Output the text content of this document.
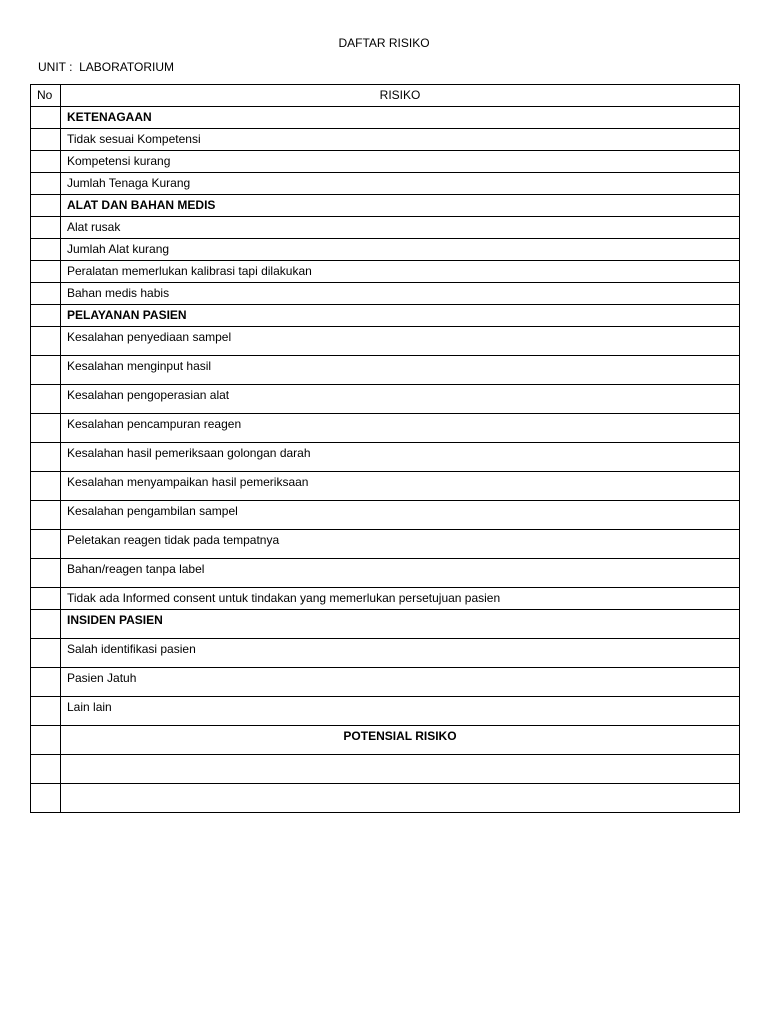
DAFTAR RISIKO
UNIT :  LABORATORIUM
No	RISIKO

	KETENAGAAN

	Tidak sesuai Kompetensi

	Kompetensi kurang

	Jumlah Tenaga Kurang

	ALAT DAN BAHAN MEDIS

	Alat rusak

	Jumlah Alat kurang

	Peralatan memerlukan kalibrasi tapi dilakukan

	Bahan medis habis

	PELAYANAN PASIEN

	Kesalahan penyediaan sampel

	Kesalahan menginput hasil

	Kesalahan pengoperasian alat

	Kesalahan pencampuran reagen

	Kesalahan hasil pemeriksaan golongan darah

	Kesalahan menyampaikan hasil pemeriksaan

	Kesalahan pengambilan sampel

	Peletakan reagen tidak pada tempatnya

	Bahan/reagen tanpa label

	Tidak ada Informed consent untuk tindakan yang memerlukan persetujuan pasien

	INSIDEN PASIEN

	Salah identifikasi pasien

	Pasien Jatuh

	Lain lain

	POTENSIAL RISIKO
